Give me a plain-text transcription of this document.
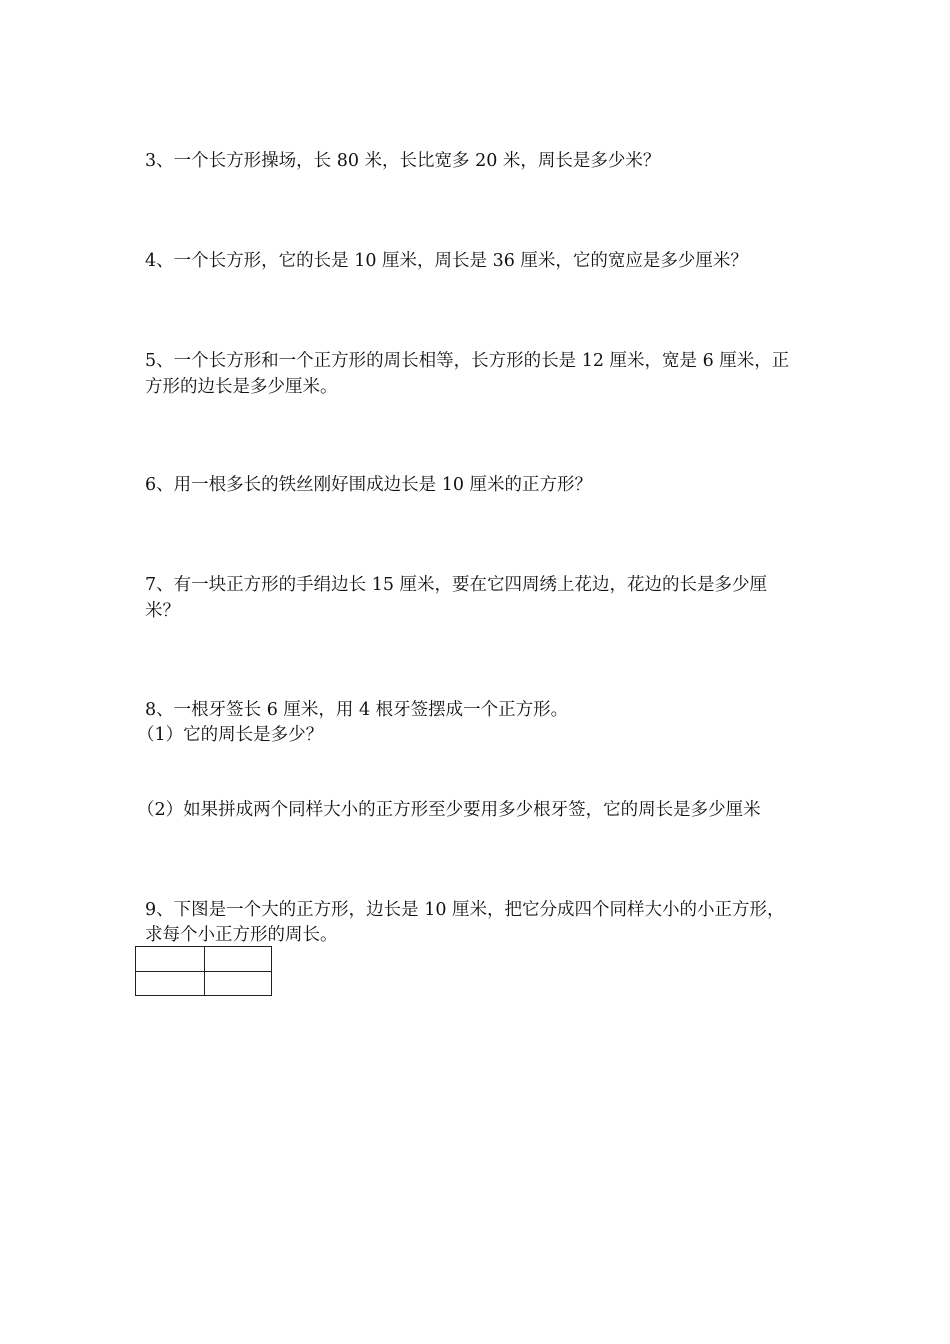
3、一个长方形操场，长 80 米，长比宽多 20 米，周长是多少米？

4、一个长方形，它的长是 10 厘米，周长是 36 厘米，它的宽应是多少厘米？

5、一个长方形和一个正方形的周长相等，长方形的长是 12 厘米，宽是 6 厘米，正

方形的边长是多少厘米。

6、用一根多长的铁丝刚好围成边长是 10 厘米的正方形？

7、有一块正方形的手绢边长 15 厘米，要在它四周绣上花边，花边的长是多少厘

米？

8、一根牙签长 6 厘米，用 4 根牙签摆成一个正方形。

（1）它的周长是多少？

（2）如果拼成两个同样大小的正方形至少要用多少根牙签，它的周长是多少厘米

9、下图是一个大的正方形，边长是 10 厘米，把它分成四个同样大小的小正方形，

求每个小正方形的周长。
